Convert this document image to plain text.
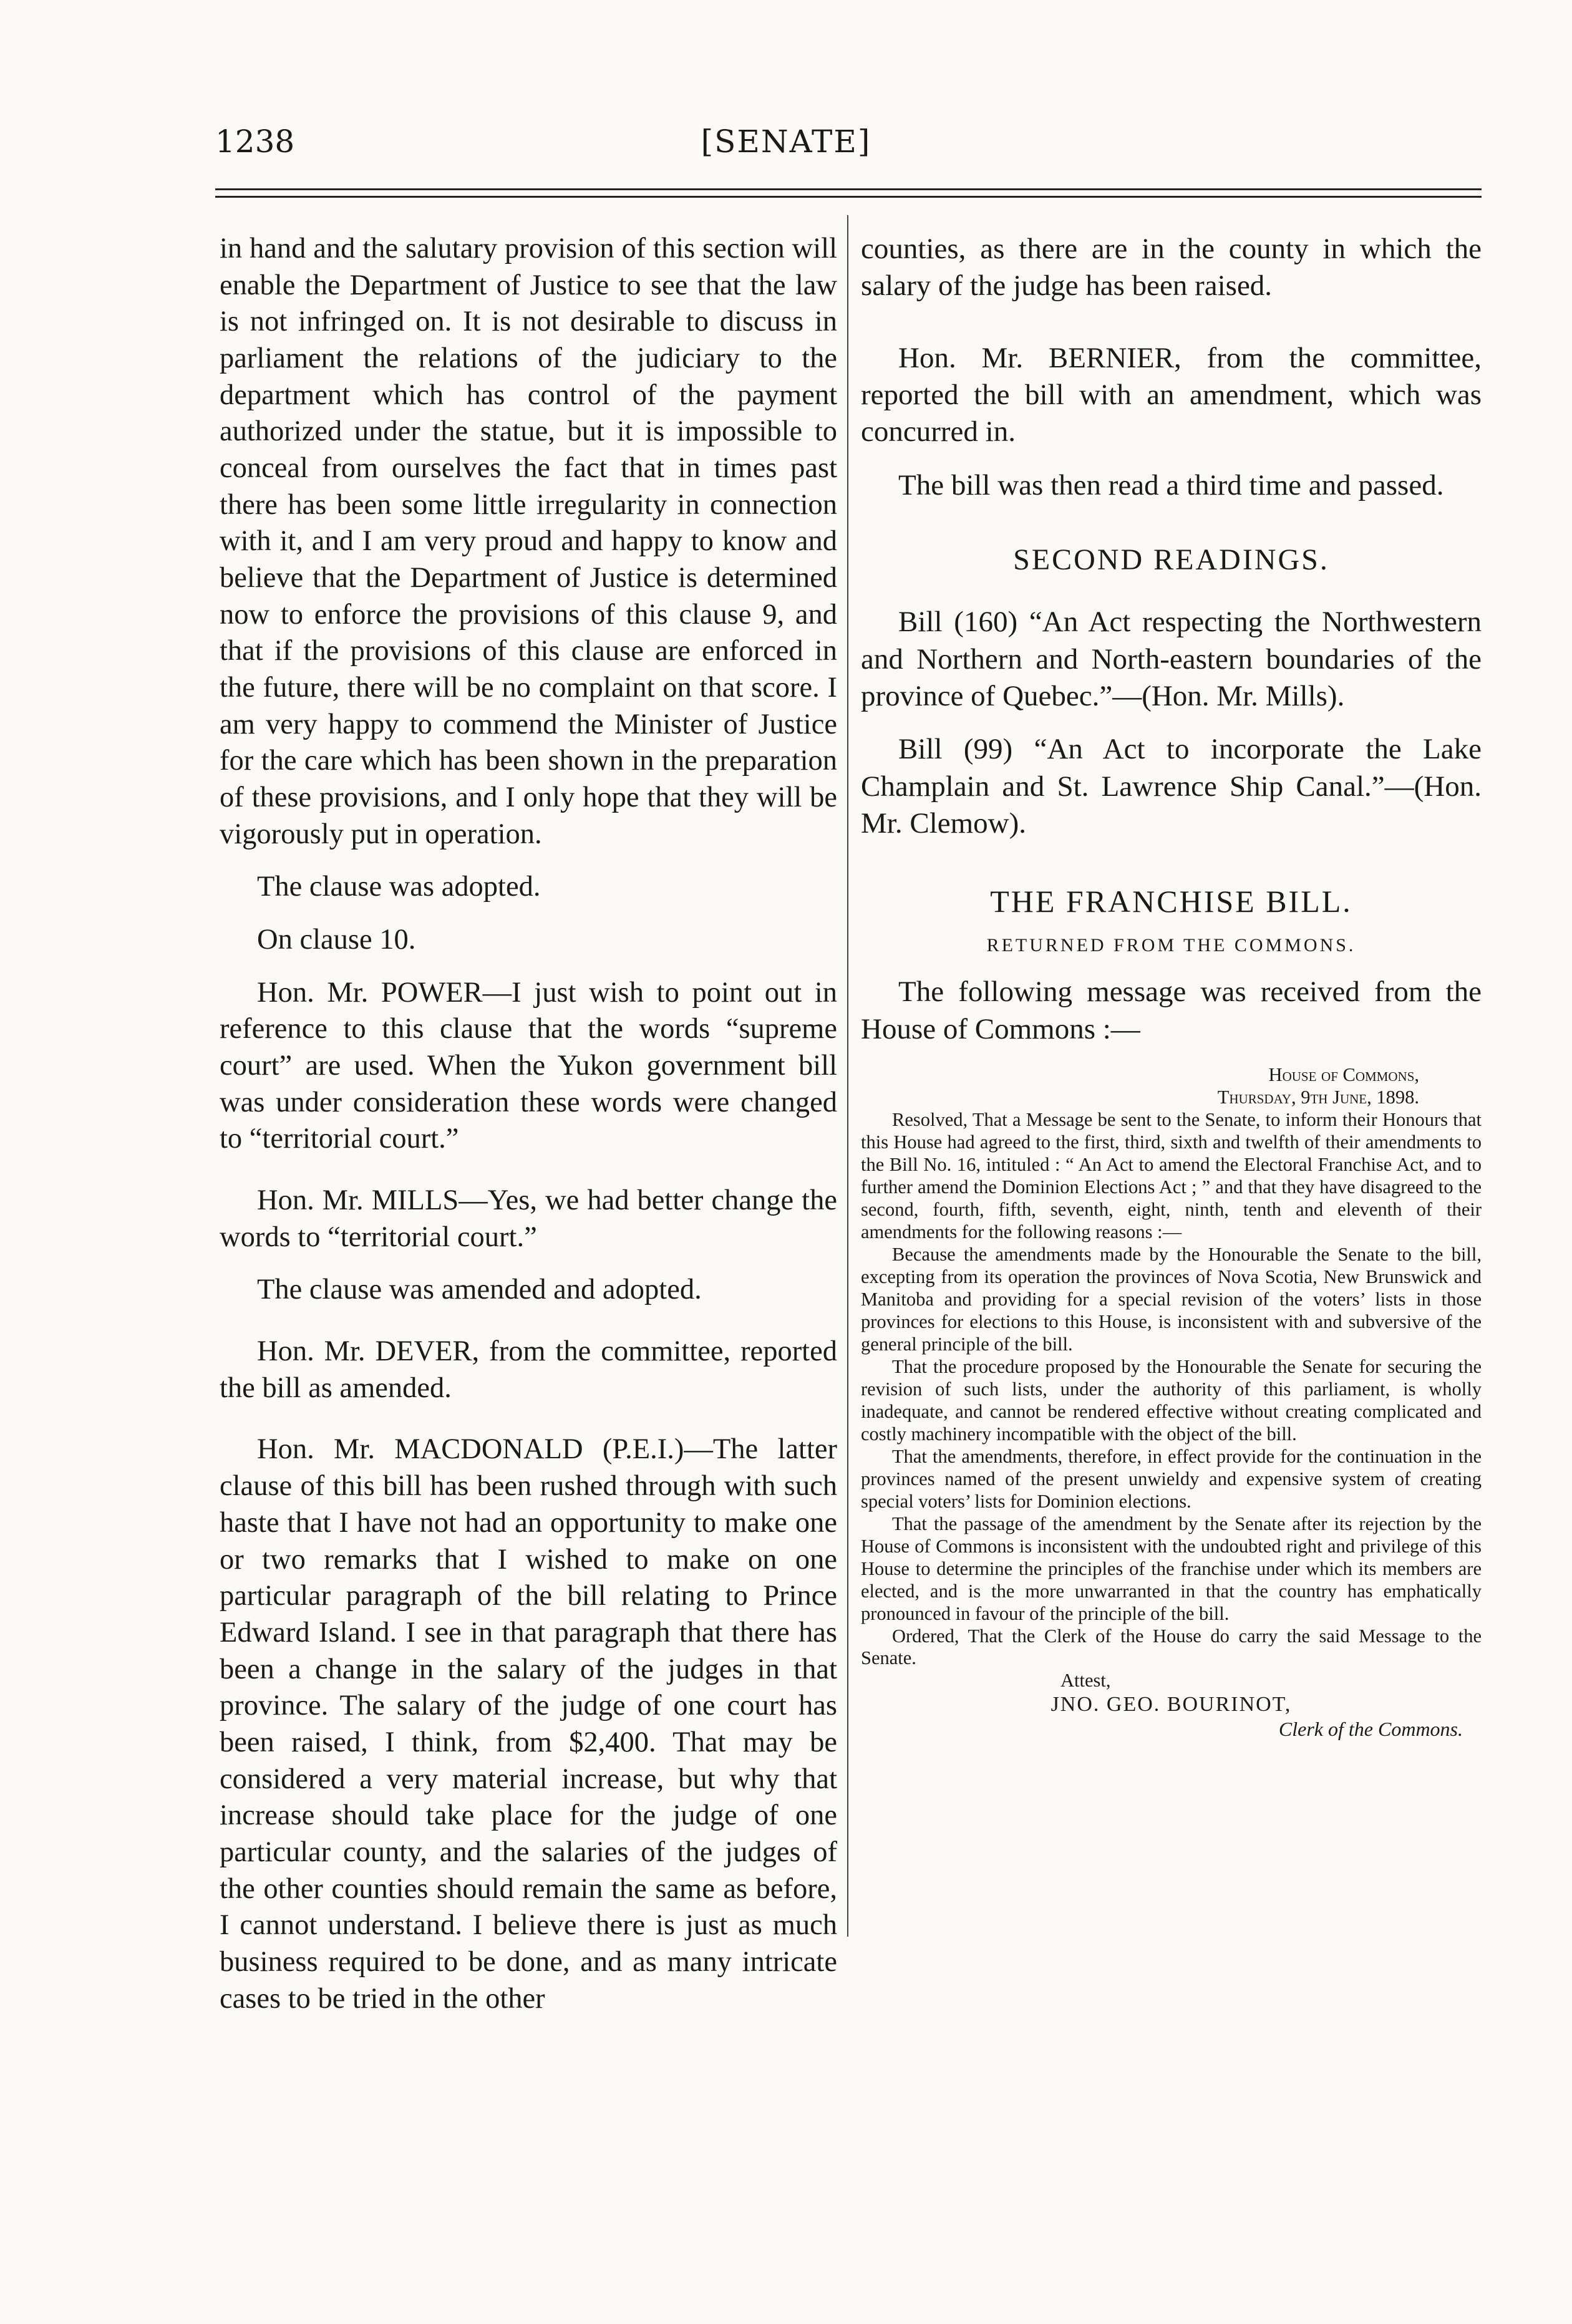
1238	[SENATE]

in hand and the salutary provision of this section will enable the Department of Justice to see that the law is not infringed on. It is not desirable to discuss in parliament the relations of the judiciary to the department which has control of the payment authorized under the statue, but it is impossible to conceal from ourselves the fact that in times past there has been some little irregularity in connection with it, and I am very proud and happy to know and believe that the Department of Justice is determined now to enforce the provisions of this clause 9, and that if the provisions of this clause are enforced in the future, there will be no complaint on that score. I am very happy to commend the Minister of Justice for the care which has been shown in the preparation of these provisions, and I only hope that they will be vigorously put in operation.

The clause was adopted.

On clause 10.

Hon. Mr. POWER—I just wish to point out in reference to this clause that the words “supreme court” are used. When the Yukon government bill was under consideration these words were changed to “territorial court.”

Hon. Mr. MILLS—Yes, we had better change the words to “territorial court.”

The clause was amended and adopted.

Hon. Mr. DEVER, from the committee, reported the bill as amended.

Hon. Mr. MACDONALD (P.E.I.)—The latter clause of this bill has been rushed through with such haste that I have not had an opportunity to make one or two remarks that I wished to make on one particular paragraph of the bill relating to Prince Edward Island. I see in that paragraph that there has been a change in the salary of the judges in that province. The salary of the judge of one court has been raised, I think, from $2,400. That may be considered a very material increase, but why that increase should take place for the judge of one particular county, and the salaries of the judges of the other counties should remain the same as before, I cannot understand. I believe there is just as much business required to be done, and as many intricate cases to be tried in the other

counties, as there are in the county in which the salary of the judge has been raised.

Hon. Mr. BERNIER, from the committee, reported the bill with an amendment, which was concurred in.

The bill was then read a third time and passed.

SECOND READINGS.

Bill (160) “An Act respecting the Northwestern and Northern and North-eastern boundaries of the province of Quebec.”—(Hon. Mr. Mills).

Bill (99) “An Act to incorporate the Lake Champlain and St. Lawrence Ship Canal.”—(Hon. Mr. Clemow).

THE FRANCHISE BILL.
RETURNED FROM THE COMMONS.

The following message was received from the House of Commons :—

House of Commons,

Thursday, 9th June, 1898.

Resolved, That a Message be sent to the Senate, to inform their Honours that this House had agreed to the first, third, sixth and twelfth of their amendments to the Bill No. 16, intituled : “ An Act to amend the Electoral Franchise Act, and to further amend the Dominion Elections Act ; ” and that they have disagreed to the second, fourth, fifth, seventh, eight, ninth, tenth and eleventh of their amendments for the following reasons :—

Because the amendments made by the Honourable the Senate to the bill, excepting from its operation the provinces of Nova Scotia, New Brunswick and Manitoba and providing for a special revision of the voters’ lists in those provinces for elections to this House, is inconsistent with and subversive of the general principle of the bill.

That the procedure proposed by the Honourable the Senate for securing the revision of such lists, under the authority of this parliament, is wholly inadequate, and cannot be rendered effective without creating complicated and costly machinery incompatible with the object of the bill.

That the amendments, therefore, in effect provide for the continuation in the provinces named of the present unwieldy and expensive system of creating special voters’ lists for Dominion elections.

That the passage of the amendment by the Senate after its rejection by the House of Commons is inconsistent with the undoubted right and privilege of this House to determine the principles of the franchise under which its members are elected, and is the more unwarranted in that the country has emphatically pronounced in favour of the principle of the bill.

Ordered, That the Clerk of the House do carry the said Message to the Senate.

Attest,

JNO. GEO. BOURINOT,

Clerk of the Commons.
